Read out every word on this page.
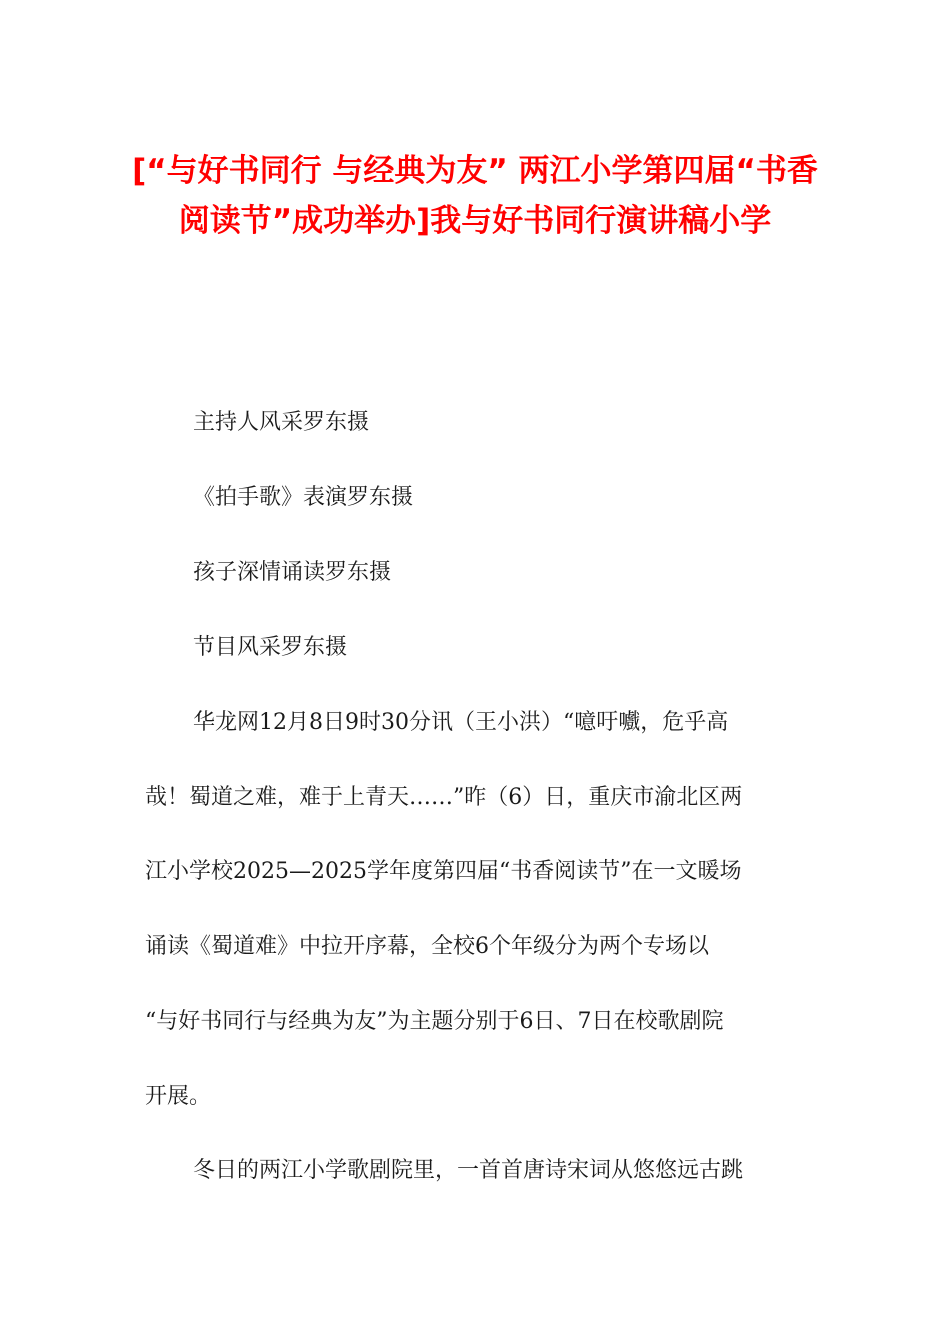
[“与好书同行 与经典为友” 两江小学第四届“书香阅读节”成功举办]我与好书同行演讲稿小学
主持人风采罗东摄
《拍手歌》表演罗东摄
孩子深情诵读罗东摄
节目风采罗东摄
华龙网12月8日9时30分讯（王小洪）“噫吁嚱，危乎高
哉！蜀道之难，难于上青天……”昨（6）日，重庆市渝北区两
江小学校2025—2025学年度第四届“书香阅读节”在一文暖场
诵读《蜀道难》中拉开序幕，全校6个年级分为两个专场以
“与好书同行与经典为友”为主题分别于6日、7日在校歌剧院
开展。
冬日的两江小学歌剧院里，一首首唐诗宋词从悠悠远古跳
